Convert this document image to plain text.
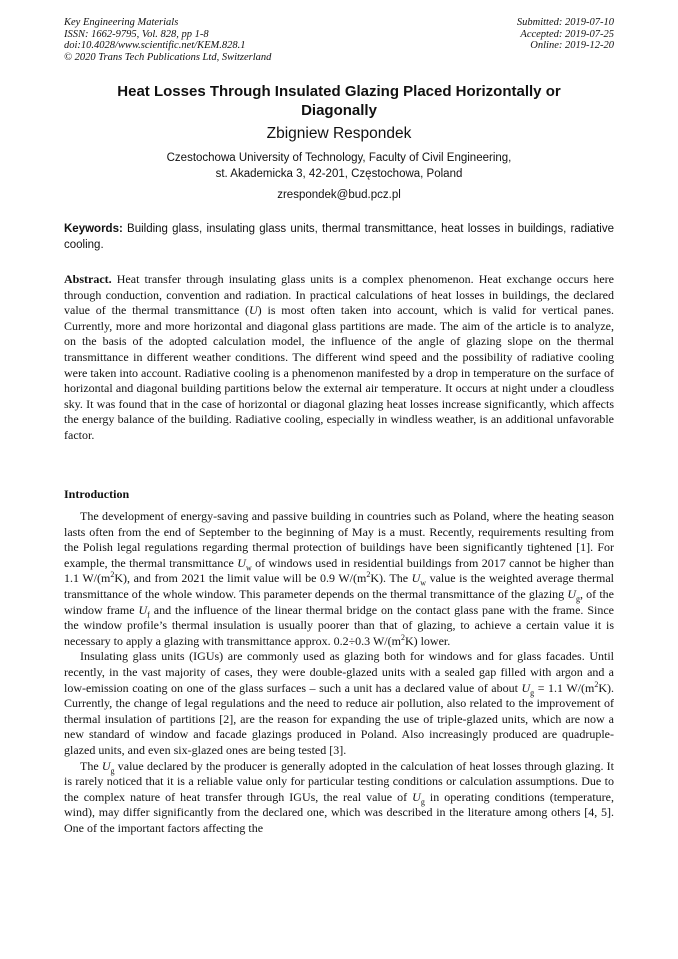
Key Engineering Materials
ISSN: 1662-9795, Vol. 828, pp 1-8
doi:10.4028/www.scientific.net/KEM.828.1
© 2020 Trans Tech Publications Ltd, Switzerland
Submitted: 2019-07-10
Accepted: 2019-07-25
Online: 2019-12-20
Heat Losses Through Insulated Glazing Placed Horizontally or Diagonally
Zbigniew Respondek
Czestochowa University of Technology, Faculty of Civil Engineering,
st. Akademicka 3, 42-201, Częstochowa, Poland
zrespondek@bud.pcz.pl
Keywords: Building glass, insulating glass units, thermal transmittance, heat losses in buildings, radiative cooling.
Abstract. Heat transfer through insulating glass units is a complex phenomenon. Heat exchange occurs here through conduction, convention and radiation. In practical calculations of heat losses in buildings, the declared value of the thermal transmittance (U) is most often taken into account, which is valid for vertical panes. Currently, more and more horizontal and diagonal glass partitions are made. The aim of the article is to analyze, on the basis of the adopted calculation model, the influence of the angle of glazing slope on the thermal transmittance in different weather conditions. The different wind speed and the possibility of radiative cooling were taken into account. Radiative cooling is a phenomenon manifested by a drop in temperature on the surface of horizontal and diagonal building partitions below the external air temperature. It occurs at night under a cloudless sky. It was found that in the case of horizontal or diagonal glazing heat losses increase significantly, which affects the energy balance of the building. Radiative cooling, especially in windless weather, is an additional unfavorable factor.
Introduction

The development of energy-saving and passive building in countries such as Poland, where the heating season lasts often from the end of September to the beginning of May is a must. Recently, requirements resulting from the Polish legal regulations regarding thermal protection of buildings have been significantly tightened [1]. For example, the thermal transmittance $U_w$ of windows used in residential buildings from 2017 cannot be higher than 1.1 $W/(m^2K)$, and from 2021 the limit value will be 0.9 $W/(m^2K)$. The $U_w$ value is the weighted average thermal transmittance of the whole window. This parameter depends on the thermal transmittance of the glazing $U_g$, of the window frame $U_f$ and the influence of the linear thermal bridge on the contact glass pane with the frame. Since the window profile’s thermal insulation is usually poorer than that of glazing, to achieve a certain value it is necessary to apply a glazing with transmittance approx. 0.2÷0.3 $W/(m^2K)$ lower.

Insulating glass units (IGUs) are commonly used as glazing both for windows and for glass facades. Until recently, in the vast majority of cases, they were double-glazed units with a sealed gap filled with argon and a low-emission coating on one of the glass surfaces – such a unit has a declared value of about $U_g = 1.1$ $W/(m^2K)$. Currently, the change of legal regulations and the need to reduce air pollution, also related to the improvement of thermal insulation of partitions [2], are the reason for expanding the use of triple-glazed units, which are now a new standard of window and facade glazings produced in Poland. Also increasingly produced are quadruple-glazed units, and even six-glazed ones are being tested [3].

The $U_g$ value declared by the producer is generally adopted in the calculation of heat losses through glazing. It is rarely noticed that it is a reliable value only for particular testing conditions or calculation assumptions. Due to the complex nature of heat transfer through IGUs, the real value of $U_g$ in operating conditions (temperature, wind), may differ significantly from the declared one, which was described in the literature among others [4, 5]. One of the important factors affecting the
